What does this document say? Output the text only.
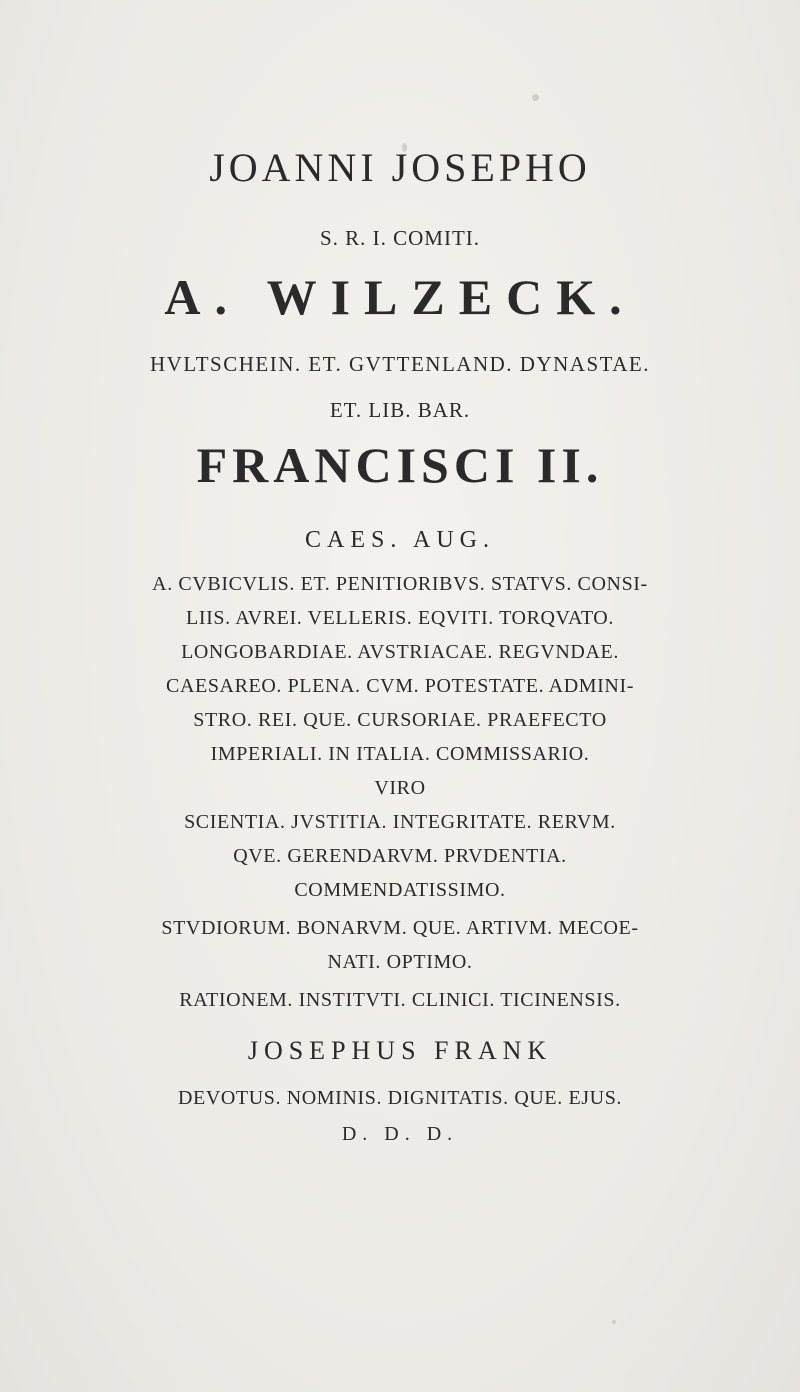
JOANNI JOSEPHO
S. R. I. COMITI.
A. WILZECK.
HVLTSCHEIN. ET. GVTTENLAND. DYNASTAE.
ET. LIB. BAR.
FRANCISCI II.
CAES. AUG.
A. CVBICVLIS. ET. PENITIORIBVS. STATVS. CONSI-
LIIS. AVREI. VELLERIS. EQVITI. TORQVATO.
LONGOBARDIAE. AVSTRIACAE. REGVNDAE.
CAESAREO. PLENA. CVM. POTESTATE. ADMINI-
STRO. REI. QUE. CURSORIAE. PRAEFECTO
IMPERIALI. IN ITALIA. COMMISSARIO.
VIRO
SCIENTIA. JVSTITIA. INTEGRITATE. RERVM.
QVE. GERENDARVM. PRVDENTIA.
COMMENDATISSIMO.
STVDIORUM. BONARVM. QUE. ARTIVM. MECOE-
NATI. OPTIMO.
RATIONEM. INSTITVTI. CLINICI. TICINENSIS.
JOSEPHUS FRANK
DEVOTUS. NOMINIS. DIGNITATIS. QUE. EJUS.
D. D. D.
